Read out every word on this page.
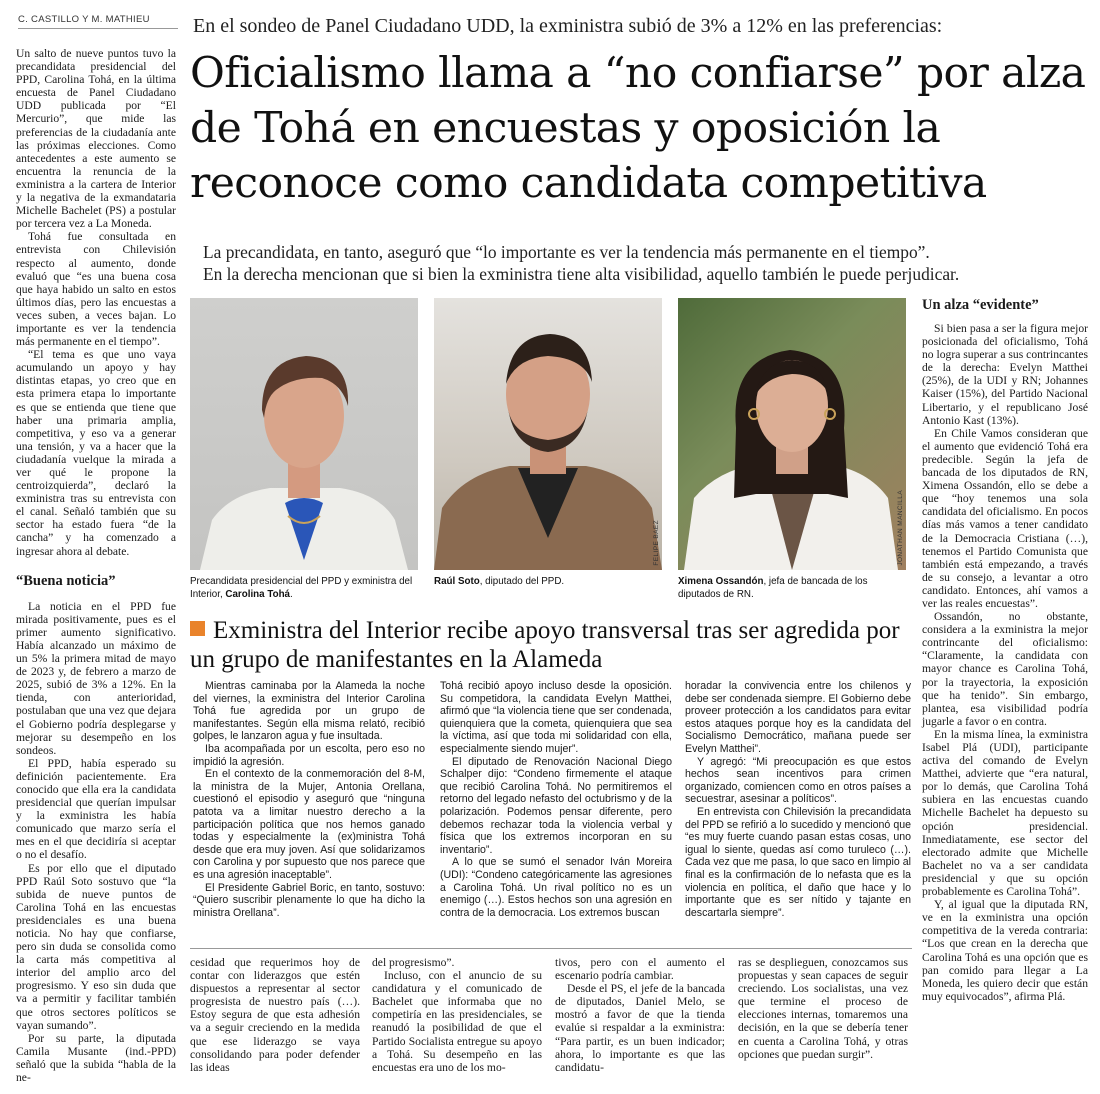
C. CASTILLO Y M. MATHIEU	En el sondeo de Panel Ciudadano UDD, la exministra subió de 3% a 12% en las preferencias:
Oficialismo llama a “no confiarse” por alza de Tohá en encuestas y oposición la reconoce como candidata competitiva
La precandidata, en tanto, aseguró que “lo importante es ver la tendencia más permanente en el tiempo”.
En la derecha mencionan que si bien la exministra tiene alta visibilidad, aquello también le puede perjudicar.

Un salto de nueve puntos tuvo la precandidata presidencial del PPD, Carolina Tohá, en la última encuesta de Panel Ciudadano UDD publicada por “El Mercurio”, que mide las preferencias de la ciudadanía ante las próximas elecciones. Como antecedentes a este aumento se encuentra la renuncia de la exministra a la cartera de Interior y la negativa de la exmandataria Michelle Bachelet (PS) a postular por tercera vez a La Moneda.

Tohá fue consultada en entrevista con Chilevisión respecto al aumento, donde evaluó que “es una buena cosa que haya habido un salto en estos últimos días, pero las encuestas a veces suben, a veces bajan. Lo importante es ver la tendencia más permanente en el tiempo”.

“El tema es que uno vaya acumulando un apoyo y hay distintas etapas, yo creo que en esta primera etapa lo importante es que se entienda que tiene que haber una primaria amplia, competitiva, y eso va a generar una tensión, y va a hacer que la ciudadanía vuelque la mirada a ver qué le propone la centroizquierda”, declaró la exministra tras su entrevista con el canal. Señaló también que su sector ha estado fuera “de la cancha” y ha comenzado a ingresar ahora al debate.

“Buena noticia”

La noticia en el PPD fue mirada positivamente, pues es el primer aumento significativo. Había alcanzado un máximo de un 5% la primera mitad de mayo de 2023 y, de febrero a marzo de 2025, subió de 3% a 12%. En la tienda, con anterioridad, postulaban que una vez que dejara el Gobierno podría desplegarse y mejorar su desempeño en los sondeos.

El PPD, había esperado su definición pacientemente. Era conocido que ella era la candidata presidencial que querían impulsar y la exministra les había comunicado que marzo sería el mes en el que decidiría si aceptar o no el desafío.

Es por ello que el diputado PPD Raúl Soto sostuvo que “la subida de nueve puntos de Carolina Tohá en las encuestas presidenciales es una buena noticia. No hay que confiarse, pero sin duda se consolida como la carta más competitiva al interior del amplio arco del progresismo. Y eso sin duda que va a permitir y facilitar también que otros sectores políticos se vayan sumando”.

Por su parte, la diputada Camila Musante (ind.-PPD) señaló que la subida “habla de la ne-

FELIPE BAEZ	JONATHAN MANCILLA
Precandidata presidencial del PPD y exministra del Interior, Carolina Tohá.
Raúl Soto, diputado del PPD.	Ximena Ossandón, jefa de bancada de los diputados de RN.
Exministra del Interior recibe apoyo transversal tras ser agredida por un grupo de manifestantes en la Alameda

Mientras caminaba por la Alameda la noche del viernes, la exministra del Interior Carolina Tohá fue agredida por un grupo de manifestantes. Según ella misma relató, recibió golpes, le lanzaron agua y fue insultada.

Iba acompañada por un escolta, pero eso no impidió la agresión.

En el contexto de la conmemoración del 8-M, la ministra de la Mujer, Antonia Orellana, cuestionó el episodio y aseguró que “ninguna patota va a limitar nuestro derecho a la participación política que nos hemos ganado todas y especialmente la (ex)ministra Tohá desde que era muy joven. Así que solidarizamos con Carolina y por supuesto que nos parece que es una agresión inaceptable”.

El Presidente Gabriel Boric, en tanto, sostuvo: “Quiero suscribir plenamente lo que ha dicho la ministra Orellana”.

Tohá recibió apoyo incluso desde la oposición. Su competidora, la candidata Evelyn Matthei, afirmó que “la violencia tiene que ser condenada, quienquiera que la cometa, quienquiera que sea la víctima, así que toda mi solidaridad con ella, especialmente siendo mujer”.

El diputado de Renovación Nacional Diego Schalper dijo: “Condeno firmemente el ataque que recibió Carolina Tohá. No permitiremos el retorno del legado nefasto del octubrismo y de la polarización. Podemos pensar diferente, pero debemos rechazar toda la violencia verbal y física que los extremos incorporan en su inventario”.

A lo que se sumó el senador Iván Moreira (UDI): “Condeno categóricamente las agresiones a Carolina Tohá. Un rival político no es un enemigo (…). Estos hechos son una agresión en contra de la democracia. Los extremos buscan

horadar la convivencia entre los chilenos y debe ser condenada siempre. El Gobierno debe proveer protección a los candidatos para evitar estos ataques porque hoy es la candidata del Socialismo Democrático, mañana puede ser Evelyn Matthei”.

Y agregó: “Mi preocupación es que estos hechos sean incentivos para crimen organizado, comiencen como en otros países a secuestrar, asesinar a políticos”.

En entrevista con Chilevisión la precandidata del PPD se refirió a lo sucedido y mencionó que “es muy fuerte cuando pasan estas cosas, uno igual lo siente, quedas así como turuleco (…). Cada vez que me pasa, lo que saco en limpio al final es la confirmación de lo nefasta que es la violencia en política, el daño que hace y lo importante que es ser nítido y tajante en descartarla siempre”.

cesidad que requerimos hoy de contar con liderazgos que estén dispuestos a representar al sector progresista de nuestro país (…). Estoy segura de que esta adhesión va a seguir creciendo en la medida que ese liderazgo se vaya consolidando para poder defender las ideas

del progresismo”.

Incluso, con el anuncio de su candidatura y el comunicado de Bachelet que informaba que no competiría en las presidenciales, se reanudó la posibilidad de que el Partido Socialista entregue su apoyo a Tohá. Su desempeño en las encuestas era uno de los mo-

tivos, pero con el aumento el escenario podría cambiar.

Desde el PS, el jefe de la bancada de diputados, Daniel Melo, se mostró a favor de que la tienda evalúe si respaldar a la exministra: “Para partir, es un buen indicador; ahora, lo importante es que las candidatu-

ras se desplieguen, conozcamos sus propuestas y sean capaces de seguir creciendo. Los socialistas, una vez que termine el proceso de elecciones internas, tomaremos una decisión, en la que se debería tener en cuenta a Carolina Tohá, y otras opciones que puedan surgir”.

Un alza “evidente”

Si bien pasa a ser la figura mejor posicionada del oficialismo, Tohá no logra superar a sus contrincantes de la derecha: Evelyn Matthei (25%), de la UDI y RN; Johannes Kaiser (15%), del Partido Nacional Libertario, y el republicano José Antonio Kast (13%).

En Chile Vamos consideran que el aumento que evidenció Tohá era predecible. Según la jefa de bancada de los diputados de RN, Ximena Ossandón, ello se debe a que “hoy tenemos una sola candidata del oficialismo. En pocos días más vamos a tener candidato de la Democracia Cristiana (…), tenemos el Partido Comunista que también está empezando, a través de su consejo, a levantar a otro candidato. Entonces, ahí vamos a ver las reales encuestas”.

Ossandón, no obstante, considera a la exministra la mejor contrincante del oficialismo: “Claramente, la candidata con mayor chance es Carolina Tohá, por la trayectoria, la exposición que ha tenido”. Sin embargo, plantea, esa visibilidad podría jugarle a favor o en contra.

En la misma línea, la exministra Isabel Plá (UDI), participante activa del comando de Evelyn Matthei, advierte que “era natural, por lo demás, que Carolina Tohá subiera en las encuestas cuando Michelle Bachelet ha depuesto su opción presidencial. Inmediatamente, ese sector del electorado admite que Michelle Bachelet no va a ser candidata presidencial y que su opción probablemente es Carolina Tohá”.

Y, al igual que la diputada RN, ve en la exministra una opción competitiva de la vereda contraria: “Los que crean en la derecha que Carolina Tohá es una opción que es pan comido para llegar a La Moneda, les quiero decir que están muy equivocados”, afirma Plá.
